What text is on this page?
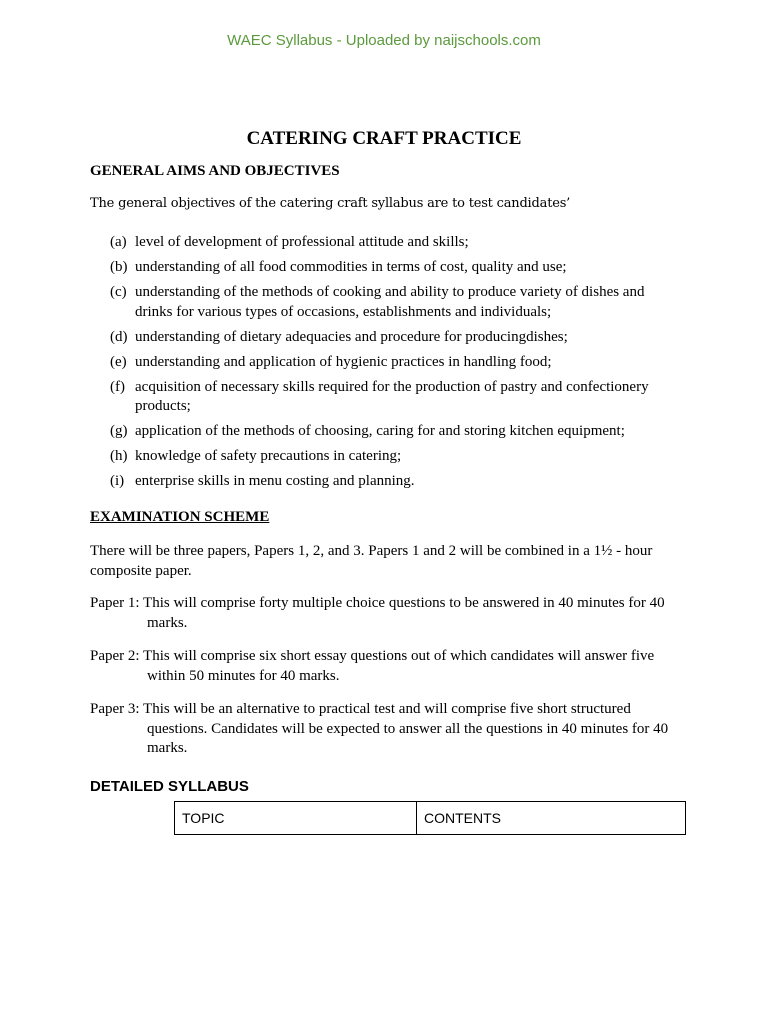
WAEC Syllabus - Uploaded by naijschools.com
CATERING CRAFT PRACTICE
GENERAL AIMS AND OBJECTIVES
The general objectives of the catering craft syllabus are to test candidates’
(a) level of development of professional attitude and skills;
(b) understanding of all food commodities in terms of cost, quality and use;
(c) understanding of the methods of cooking and ability to produce variety of dishes and drinks for various types of occasions, establishments and individuals;
(d) understanding of dietary adequacies and procedure for producingdishes;
(e) understanding and application of hygienic practices in handling food;
(f) acquisition of necessary skills required for the production of pastry and confectionery products;
(g) application of the methods of choosing, caring for and storing kitchen equipment;
(h) knowledge of safety precautions in catering;
(i) enterprise skills in menu costing and planning.
EXAMINATION SCHEME

There will be three papers, Papers 1, 2, and 3. Papers 1 and 2 will be combined in a 1½ - hour composite paper.

Paper 1: This will comprise forty multiple choice questions to be answered in 40 minutes for 40
marks.
Paper 2: This will comprise six short essay questions out of which candidates will answer five
within 50 minutes for 40 marks.
Paper 3: This will be an alternative to practical test and will comprise five short structured
questions. Candidates will be expected to answer all the questions in 40 minutes for 40 marks.
DETAILED SYLLABUS
TOPIC	CONTENTS
